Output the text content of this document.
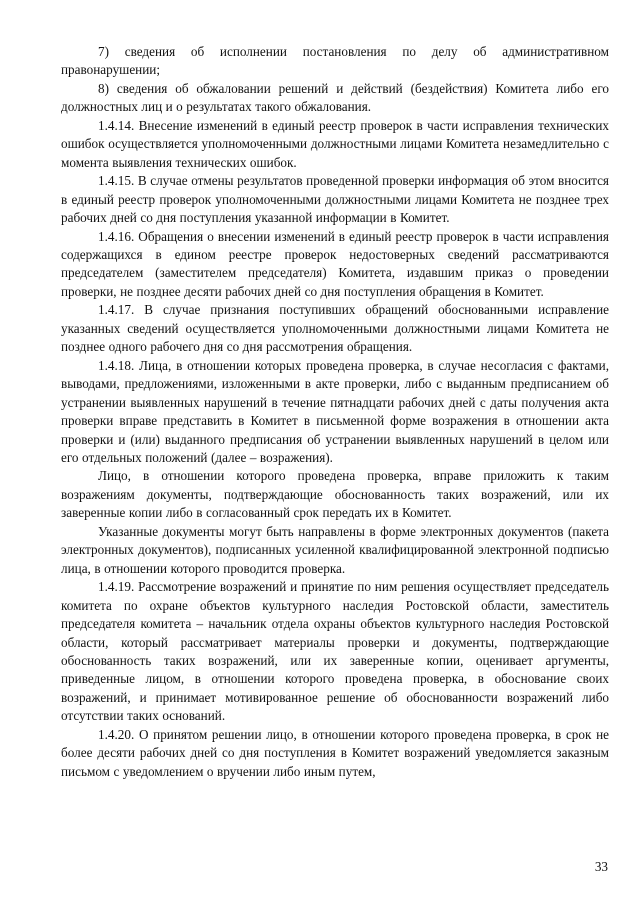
7) сведения об исполнении постановления по делу об административном правонарушении;

8) сведения об обжаловании решений и действий (бездействия) Комитета либо его должностных лиц и о результатах такого обжалования.

1.4.14. Внесение изменений в единый реестр проверок в части исправления технических ошибок осуществляется уполномоченными должностными лицами Комитета незамедлительно с момента выявления технических ошибок.

1.4.15. В случае отмены результатов проведенной проверки информация об этом вносится в единый реестр проверок уполномоченными должностными лицами Комитета не позднее трех рабочих дней со дня поступления указанной информации в Комитет.

1.4.16. Обращения о внесении изменений в единый реестр проверок в части исправления содержащихся в едином реестре проверок недостоверных сведений рассматриваются председателем (заместителем председателя) Комитета, издавшим приказ о проведении проверки, не позднее десяти рабочих дней со дня поступления обращения в Комитет.

1.4.17. В случае признания поступивших обращений обоснованными исправление указанных сведений осуществляется уполномоченными должностными лицами Комитета не позднее одного рабочего дня со дня рассмотрения обращения.

1.4.18. Лица, в отношении которых проведена проверка, в случае несогласия с фактами, выводами, предложениями, изложенными в акте проверки, либо с выданным предписанием об устранении выявленных нарушений в течение пятнадцати рабочих дней с даты получения акта проверки вправе представить в Комитет в письменной форме возражения в отношении акта проверки и (или) выданного предписания об устранении выявленных нарушений в целом или его отдельных положений (далее – возражения).

Лицо, в отношении которого проведена проверка, вправе приложить к таким возражениям документы, подтверждающие обоснованность таких возражений, или их заверенные копии либо в согласованный срок передать их в Комитет.

Указанные документы могут быть направлены в форме электронных документов (пакета электронных документов), подписанных усиленной квалифицированной электронной подписью лица, в отношении которого проводится проверка.

1.4.19. Рассмотрение возражений и принятие по ним решения осуществляет председатель комитета по охране объектов культурного наследия Ростовской области, заместитель председателя комитета – начальник отдела охраны объектов культурного наследия Ростовской области, который рассматривает материалы проверки и документы, подтверждающие обоснованность таких возражений, или их заверенные копии, оценивает аргументы, приведенные лицом, в отношении которого проведена проверка, в обоснование своих возражений, и принимает мотивированное решение об обоснованности возражений либо отсутствии таких оснований.

1.4.20. О принятом решении лицо, в отношении которого проведена проверка, в срок не более десяти рабочих дней со дня поступления в Комитет возражений уведомляется заказным письмом с уведомлением о вручении либо иным путем,

33
